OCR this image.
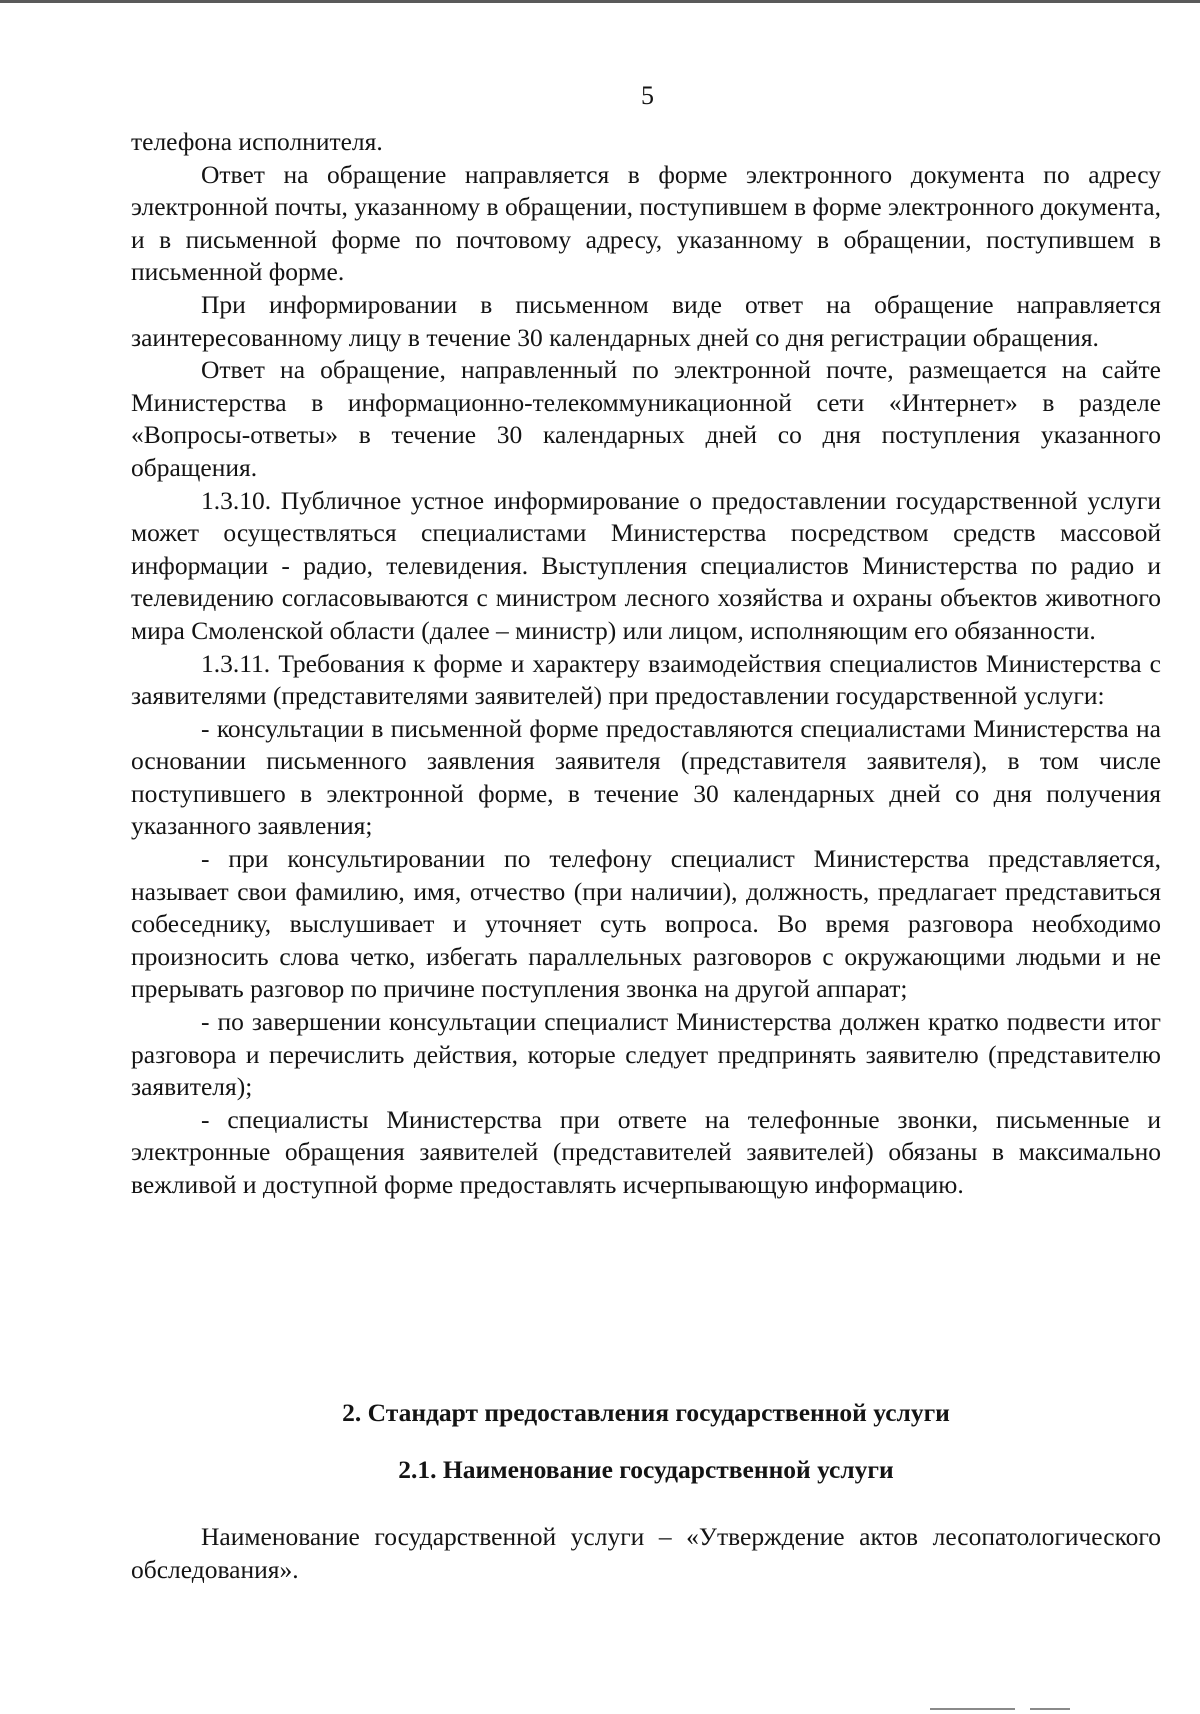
5

телефона исполнителя.

Ответ на обращение направляется в форме электронного документа по адресу электронной почты, указанному в обращении, поступившем в форме электронного документа, и в письменной форме по почтовому адресу, указанному в обращении, поступившем в письменной форме.

При информировании в письменном виде ответ на обращение направляется заинтересованному лицу в течение 30 календарных дней со дня регистрации обращения.

Ответ на обращение, направленный по электронной почте, размещается на сайте Министерства в информационно-телекоммуникационной сети «Интернет» в разделе «Вопросы-ответы» в течение 30 календарных дней со дня поступления указанного обращения.

1.3.10. Публичное устное информирование о предоставлении государственной услуги может осуществляться специалистами Министерства посредством средств массовой информации - радио, телевидения. Выступления специалистов Министерства по радио и телевидению согласовываются с министром лесного хозяйства и охраны объектов животного мира Смоленской области (далее – министр) или лицом, исполняющим его обязанности.

1.3.11. Требования к форме и характеру взаимодействия специалистов Министерства с заявителями (представителями заявителей) при предоставлении государственной услуги:

- консультации в письменной форме предоставляются специалистами Министерства на основании письменного заявления заявителя (представителя заявителя), в том числе поступившего в электронной форме, в течение 30 календарных дней со дня получения указанного заявления;

- при консультировании по телефону специалист Министерства представляется, называет свои фамилию, имя, отчество (при наличии), должность, предлагает представиться собеседнику, выслушивает и уточняет суть вопроса. Во время разговора необходимо произносить слова четко, избегать параллельных разговоров с окружающими людьми и не прерывать разговор по причине поступления звонка на другой аппарат;

- по завершении консультации специалист Министерства должен кратко подвести итог разговора и перечислить действия, которые следует предпринять заявителю (представителю заявителя);

- специалисты Министерства при ответе на телефонные звонки, письменные и электронные обращения заявителей (представителей заявителей) обязаны в максимально вежливой и доступной форме предоставлять исчерпывающую информацию.

2. Стандарт предоставления государственной услуги
2.1. Наименование государственной услуги

Наименование государственной услуги – «Утверждение актов лесопатологического обследования».
